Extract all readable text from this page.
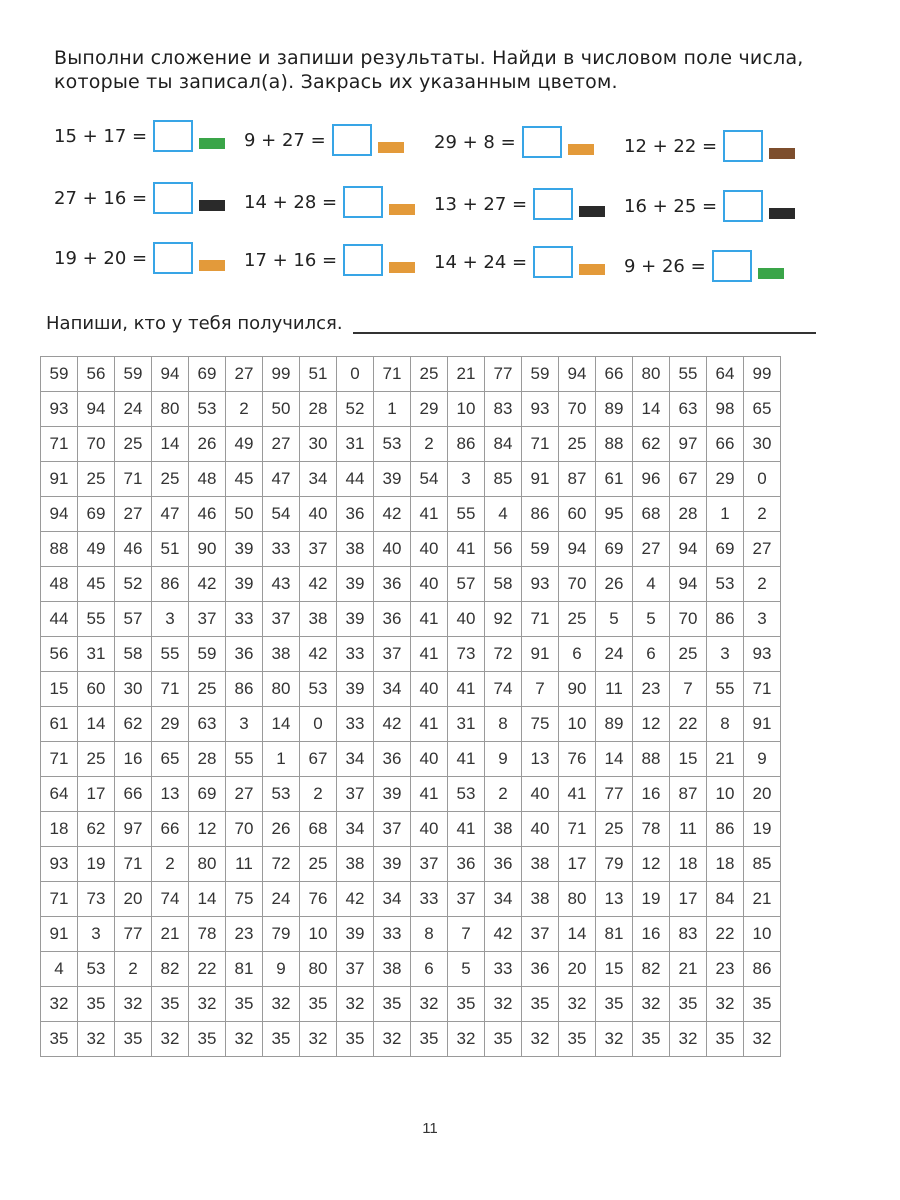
Выполни сложение и запиши результаты. Найди в числовом поле числа,

которые ты записал(а). Закрась их указанным цветом.

15 + 17 =	9 + 27 =	29 + 8 =	12 + 22 =
27 + 16 =	14 + 28 =	13 + 27 =	16 + 25 =
19 + 20 =	17 + 16 =	14 + 24 =	9 + 26 =
Напиши, кто у тебя получился.
59	56	59	94	69	27	99	51	0	71	25	21	77	59	94	66	80	55	64	99
93	94	24	80	53	2	50	28	52	1	29	10	83	93	70	89	14	63	98	65
71	70	25	14	26	49	27	30	31	53	2	86	84	71	25	88	62	97	66	30
91	25	71	25	48	45	47	34	44	39	54	3	85	91	87	61	96	67	29	0
94	69	27	47	46	50	54	40	36	42	41	55	4	86	60	95	68	28	1	2
88	49	46	51	90	39	33	37	38	40	40	41	56	59	94	69	27	94	69	27
48	45	52	86	42	39	43	42	39	36	40	57	58	93	70	26	4	94	53	2
44	55	57	3	37	33	37	38	39	36	41	40	92	71	25	5	5	70	86	3
56	31	58	55	59	36	38	42	33	37	41	73	72	91	6	24	6	25	3	93
15	60	30	71	25	86	80	53	39	34	40	41	74	7	90	11	23	7	55	71
61	14	62	29	63	3	14	0	33	42	41	31	8	75	10	89	12	22	8	91
71	25	16	65	28	55	1	67	34	36	40	41	9	13	76	14	88	15	21	9
64	17	66	13	69	27	53	2	37	39	41	53	2	40	41	77	16	87	10	20
18	62	97	66	12	70	26	68	34	37	40	41	38	40	71	25	78	11	86	19
93	19	71	2	80	11	72	25	38	39	37	36	36	38	17	79	12	18	18	85
71	73	20	74	14	75	24	76	42	34	33	37	34	38	80	13	19	17	84	21
91	3	77	21	78	23	79	10	39	33	8	7	42	37	14	81	16	83	22	10
4	53	2	82	22	81	9	80	37	38	6	5	33	36	20	15	82	21	23	86
32	35	32	35	32	35	32	35	32	35	32	35	32	35	32	35	32	35	32	35
35	32	35	32	35	32	35	32	35	32	35	32	35	32	35	32	35	32	35	32
11
